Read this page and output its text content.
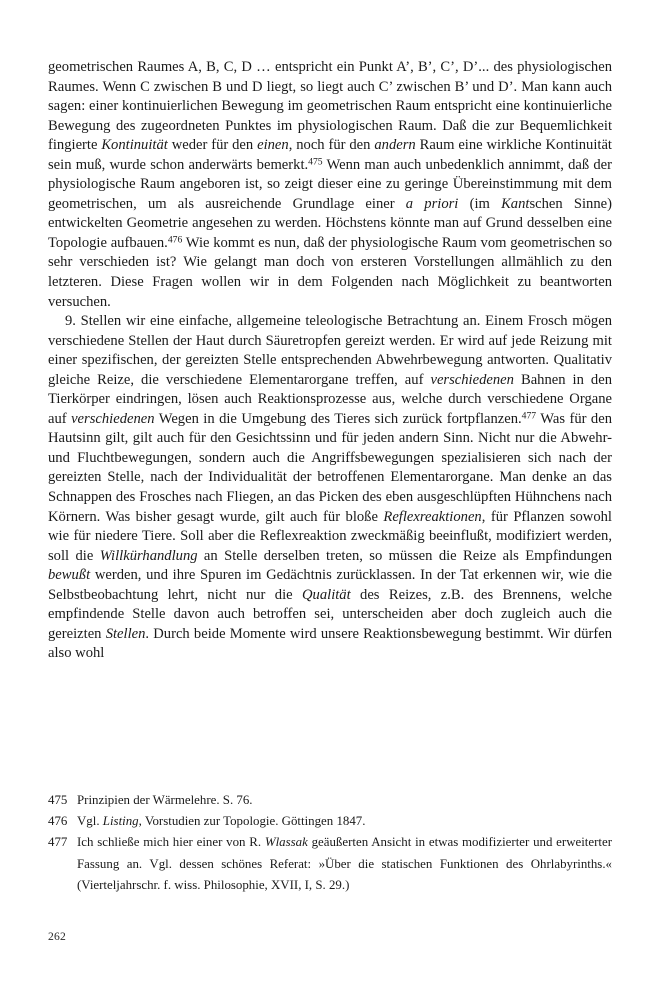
geometrischen Raumes A, B, C, D … entspricht ein Punkt A’, B’, C’, D’... des physiologischen Raumes. Wenn C zwischen B und D liegt, so liegt auch C’ zwischen B’ und D’. Man kann auch sagen: einer kontinuierlichen Bewegung im geometrischen Raum entspricht eine kontinuierliche Bewegung des zugeordneten Punktes im physiologischen Raum. Daß die zur Bequemlichkeit fingierte Kontinuität weder für den einen, noch für den andern Raum eine wirkliche Kontinuität sein muß, wurde schon anderwärts bemerkt.$^{475}$ Wenn man auch unbedenklich annimmt, daß der physiologische Raum angeboren ist, so zeigt dieser eine zu geringe Übereinstimmung mit dem geometrischen, um als ausreichende Grundlage einer a priori (im Kantschen Sinne) entwickelten Geometrie angesehen zu werden. Höchstens könnte man auf Grund desselben eine Topologie aufbauen.$^{476}$ Wie kommt es nun, daß der physiologische Raum vom geometrischen so sehr verschieden ist? Wie gelangt man doch von ersteren Vorstellungen allmählich zu den letzteren. Diese Fragen wollen wir in dem Folgenden nach Möglichkeit zu beantworten versuchen.

9. Stellen wir eine einfache, allgemeine teleologische Betrachtung an. Einem Frosch mögen verschiedene Stellen der Haut durch Säuretropfen gereizt werden. Er wird auf jede Reizung mit einer spezifischen, der gereizten Stelle entsprechenden Abwehrbewegung antworten. Qualitativ gleiche Reize, die verschiedene Elementarorgane treffen, auf verschiedenen Bahnen in den Tierkörper eindringen, lösen auch Reaktionsprozesse aus, welche durch verschiedene Organe auf verschiedenen Wegen in die Umgebung des Tieres sich zurück fortpflanzen.$^{477}$ Was für den Hautsinn gilt, gilt auch für den Gesichtssinn und für jeden andern Sinn. Nicht nur die Abwehr- und Fluchtbewegungen, sondern auch die Angriffsbewegungen spezialisieren sich nach der gereizten Stelle, nach der Individualität der betroffenen Elementarorgane. Man denke an das Schnappen des Frosches nach Fliegen, an das Picken des eben ausgeschlüpften Hühnchens nach Körnern. Was bisher gesagt wurde, gilt auch für bloße Reflexreaktionen, für Pflanzen sowohl wie für niedere Tiere. Soll aber die Reflexreaktion zweckmäßig beeinflußt, modifiziert werden, soll die Willkürhandlung an Stelle derselben treten, so müssen die Reize als Empfindungen bewußt werden, und ihre Spuren im Gedächtnis zurücklassen. In der Tat erkennen wir, wie die Selbstbeobachtung lehrt, nicht nur die Qualität des Reizes, z.B. des Brennens, welche empfindende Stelle davon auch betroffen sei, unterscheiden aber doch zugleich auch die gereizten Stellen. Durch beide Momente wird unsere Reaktionsbewegung bestimmt. Wir dürfen also wohl

475 Prinzipien der Wärmelehre. S. 76.
476 Vgl. Listing, Vorstudien zur Topologie. Göttingen 1847.
477 Ich schließe mich hier einer von R. Wlassak geäußerten Ansicht in etwas modifizierter und erweiterter Fassung an. Vgl. dessen schönes Referat: »Über die statischen Funktionen des Ohrlabyrinths.« (Vierteljahrschr. f. wiss. Philosophie, XVII, I, S. 29.)
262
